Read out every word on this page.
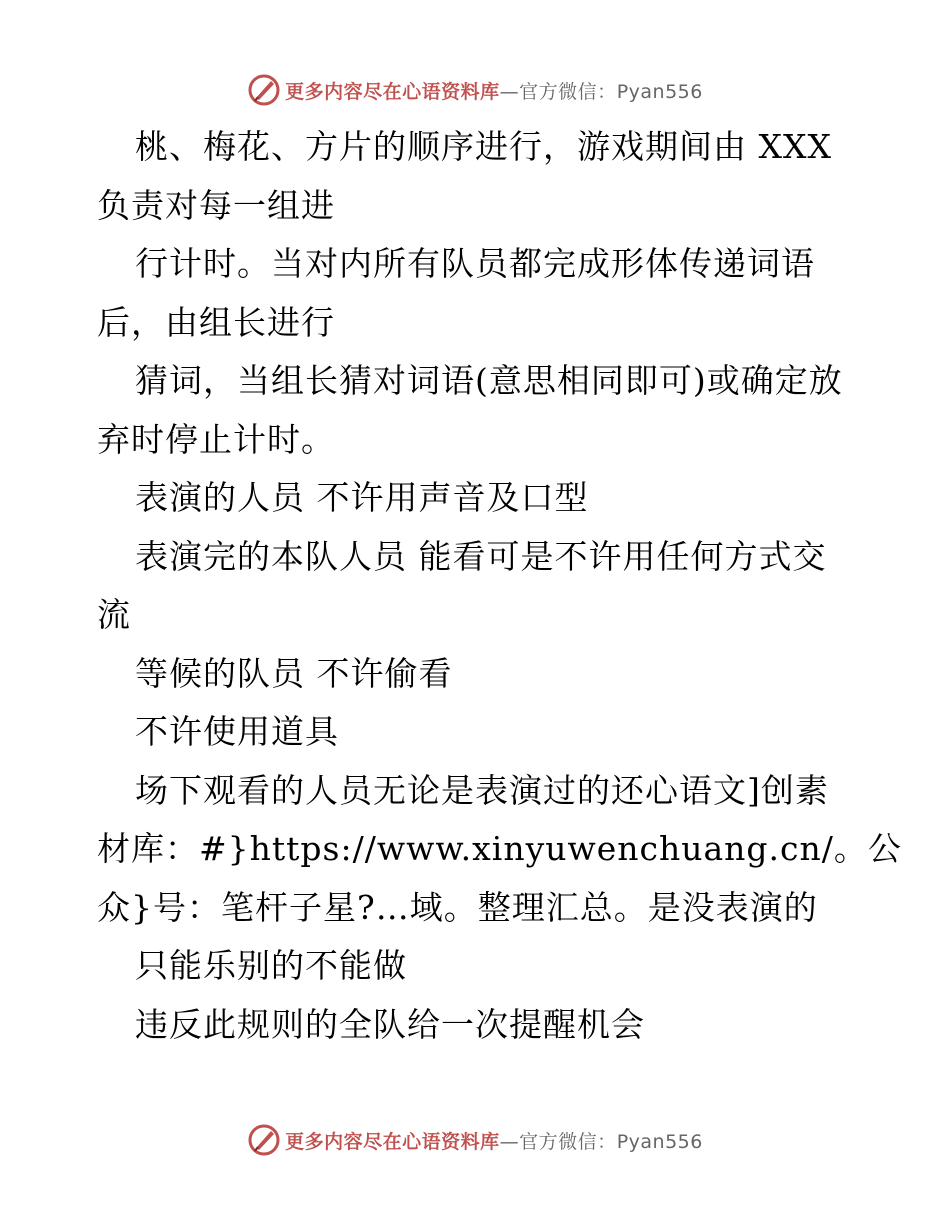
更多内容尽在心语资料库—官方微信：Pyan556
桃、梅花、方片的顺序进行，游戏期间由 XXX
负责对每一组进
行计时。当对内所有队员都完成形体传递词语
后，由组长进行
猜词，当组长猜对词语(意思相同即可)或确定放
弃时停止计时。
表演的人员 不许用声音及口型
表演完的本队人员 能看可是不许用任何方式交
流
等候的队员 不许偷看
不许使用道具
场下观看的人员无论是表演过的还心语文]创素
材库：#}https://www.xinyuwenchuang.cn/。公
众}号：笔杆子星?…域。整理汇总。是没表演的
只能乐别的不能做
违反此规则的全队给一次提醒机会
更多内容尽在心语资料库—官方微信：Pyan556
